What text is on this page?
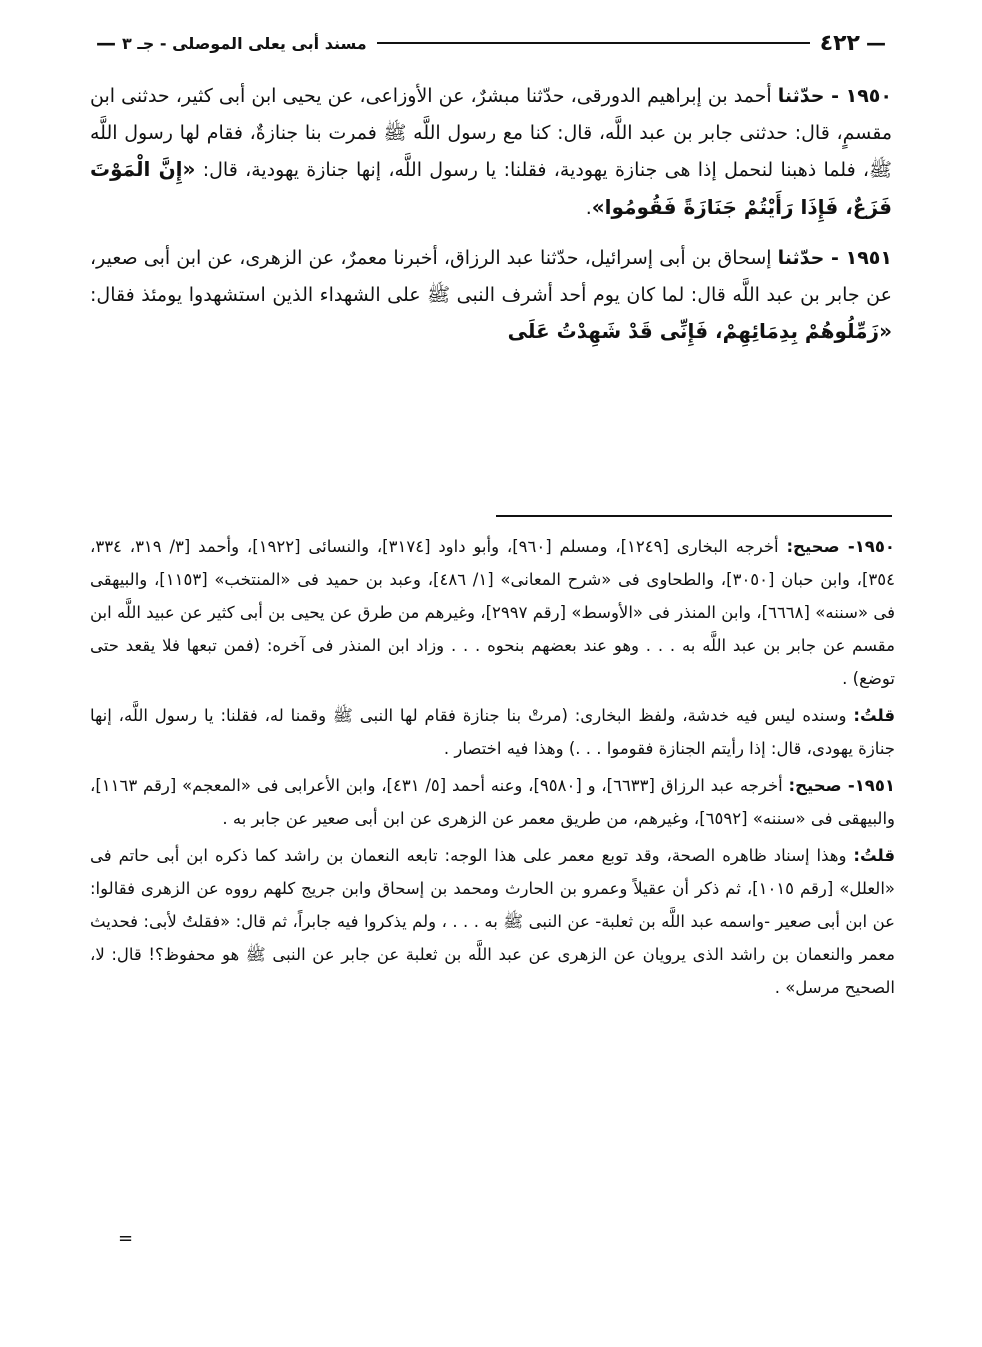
—
٤٢٢
مسند أبى يعلى الموصلى - جـ ٣
—

١٩٥٠ - حدّثنا أحمد بن إبراهيم الدورقى، حدّثنا مبشرٌ، عن الأوزاعى، عن يحيى ابن أبى كثير، حدثنى ابن مقسمٍ، قال: حدثنى جابر بن عبد اللَّه، قال: كنا مع رسول اللَّه ﷺ فمرت بنا جنازةٌ، فقام لها رسول اللَّه ﷺ، فلما ذهبنا لنحمل إذا هى جنازة يهودية، فقلنا: يا رسول اللَّه، إنها جنازة يهودية، قال: «إِنَّ الْمَوْتَ فَزَعٌ، فَإِذَا رَأَيْتُمْ جَنَازَةً فَقُومُوا».

١٩٥١ - حدّثنا إسحاق بن أبى إسرائيل، حدّثنا عبد الرزاق، أخبرنا معمرٌ، عن الزهرى، عن ابن أبى صعير، عن جابر بن عبد اللَّه قال: لما كان يوم أحد أشرف النبى ﷺ على الشهداء الذين استشهدوا يومئذ فقال: «زَمِّلُوهُمْ بِدِمَائِهِمْ، فَإِنِّى قَدْ شَهِدْتُ عَلَى

١٩٥٠- صحيح: أخرجه البخارى [١٢٤٩]، ومسلم [٩٦٠]، وأبو داود [٣١٧٤]، والنسائى [١٩٢٢]، وأحمد [٣/ ٣١٩، ٣٣٤، ٣٥٤]، وابن حبان [٣٠٥٠]، والطحاوى فى «شرح المعانى» [١/ ٤٨٦]، وعبد بن حميد فى «المنتخب» [١١٥٣]، والبيهقى فى «سننه» [٦٦٦٨]، وابن المنذر فى «الأوسط» [رقم ٢٩٩٧]، وغيرهم من طرق عن يحيى بن أبى كثير عن عبيد اللَّه ابن مقسم عن جابر بن عبد اللَّه به . . . وهو عند بعضهم بنحوه . . . وزاد ابن المنذر فى آخره: (فمن تبعها فلا يقعد حتى توضع) .

قلتُ: وسنده ليس فيه خدشة، ولفظ البخارى: (مرتْ بنا جنازة فقام لها النبى ﷺ وقمنا له، فقلنا: يا رسول اللَّه، إنها جنازة يهودى، قال: إذا رأيتم الجنازة فقوموا . . .) وهذا فيه اختصار .

١٩٥١- صحيح: أخرجه عبد الرزاق [٦٦٣٣]، و [٩٥٨٠]، وعنه أحمد [٥/ ٤٣١]، وابن الأعرابى فى «المعجم» [رقم ١١٦٣]، والبيهقى فى «سننه» [٦٥٩٢]، وغيرهم، من طريق معمر عن الزهرى عن ابن أبى صعير عن جابر به .

قلتُ: وهذا إسناد ظاهره الصحة، وقد توبع معمر على هذا الوجه: تابعه النعمان بن راشد كما ذكره ابن أبى حاتم فى «العلل» [رقم ١٠١٥]، ثم ذكر أن عقيلاً وعمرو بن الحارث ومحمد بن إسحاق وابن جريج كلهم رووه عن الزهرى فقالوا: عن ابن أبى صعير -واسمه عبد اللَّه بن ثعلبة- عن النبى ﷺ به . . . ، ولم يذكروا فيه جابراً، ثم قال: «فقلتُ لأبى: فحديث معمر والنعمان بن راشد الذى يرويان عن الزهرى عن عبد اللَّه بن ثعلبة عن جابر عن النبى ﷺ هو محفوظ؟! قال: لا، الصحيح مرسل» .

=
